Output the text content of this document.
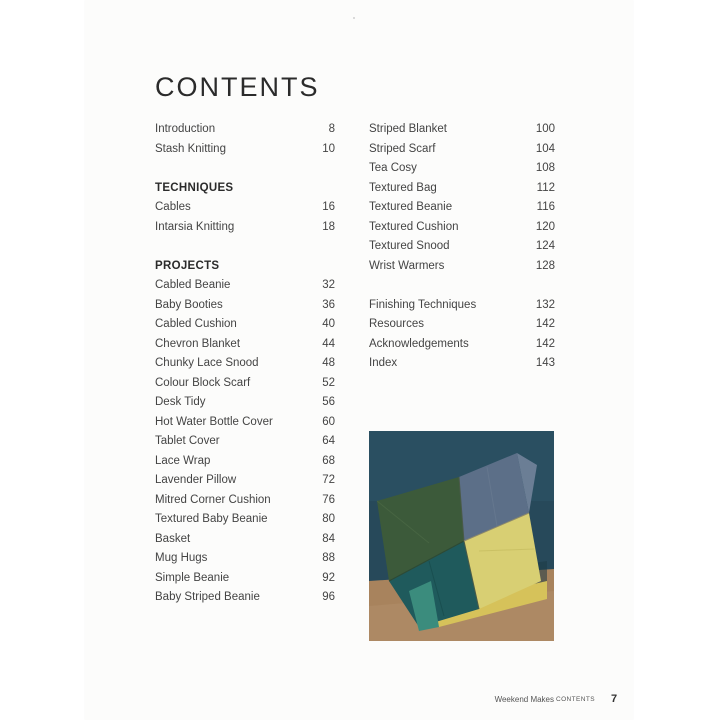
CONTENTS
Introduction	8
Stash Knitting	10
TECHNIQUES
Cables	16
Intarsia Knitting	18
PROJECTS
Cabled Beanie	32
Baby Booties	36
Cabled Cushion	40
Chevron Blanket	44
Chunky Lace Snood	48
Colour Block Scarf	52
Desk Tidy	56
Hot Water Bottle Cover	60
Tablet Cover	64
Lace Wrap	68
Lavender Pillow	72
Mitred Corner Cushion	76
Textured Baby Beanie	80
Basket	84
Mug Hugs	88
Simple Beanie	92
Baby Striped Beanie	96
Striped Blanket	100
Striped Scarf	104
Tea Cosy	108
Textured Bag	112
Textured Beanie	116
Textured Cushion	120
Textured Snood	124
Wrist Warmers	128
Finishing Techniques	132
Resources	142
Acknowledgements	142
Index	143
Weekend Makes CONTENTS 7
